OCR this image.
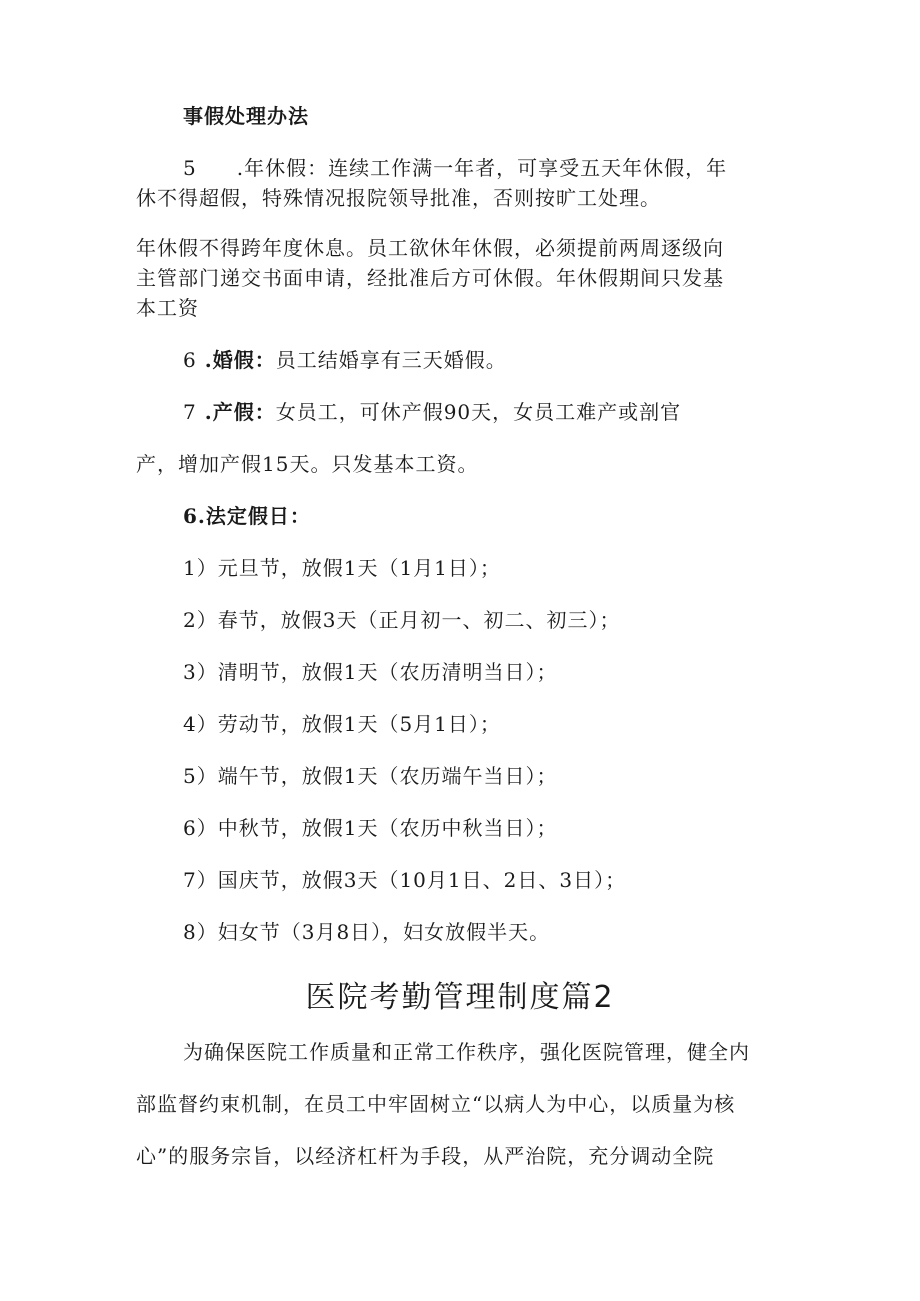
事假处理办法
5 .年休假：连续工作满一年者，可享受五天年休假，年
休不得超假，特殊情况报院领导批准，否则按旷工处理。
年休假不得跨年度休息。员工欲休年休假，必须提前两周逐级向
主管部门递交书面申请，经批准后方可休假。年休假期间只发基
本工资
6 .婚假：员工结婚享有三天婚假。
7 .产假：女员工，可休产假90天，女员工难产或剖官
产，增加产假15天。只发基本工资。
6.法定假日：
1）元旦节，放假1天（1月1日）；
2）春节，放假3天（正月初一、初二、初三）；
3）清明节，放假1天（农历清明当日）；
4）劳动节，放假1天（5月1日）；
5）端午节，放假1天（农历端午当日）；
6）中秋节，放假1天（农历中秋当日）；
7）国庆节，放假3天（10月1日、2日、3日）；
8）妇女节（3月8日），妇女放假半天。
医院考勤管理制度篇2
为确保医院工作质量和正常工作秩序，强化医院管理，健全内
部监督约束机制，在员工中牢固树立“以病人为中心，以质量为核
心”的服务宗旨，以经济杠杆为手段，从严治院，充分调动全院
